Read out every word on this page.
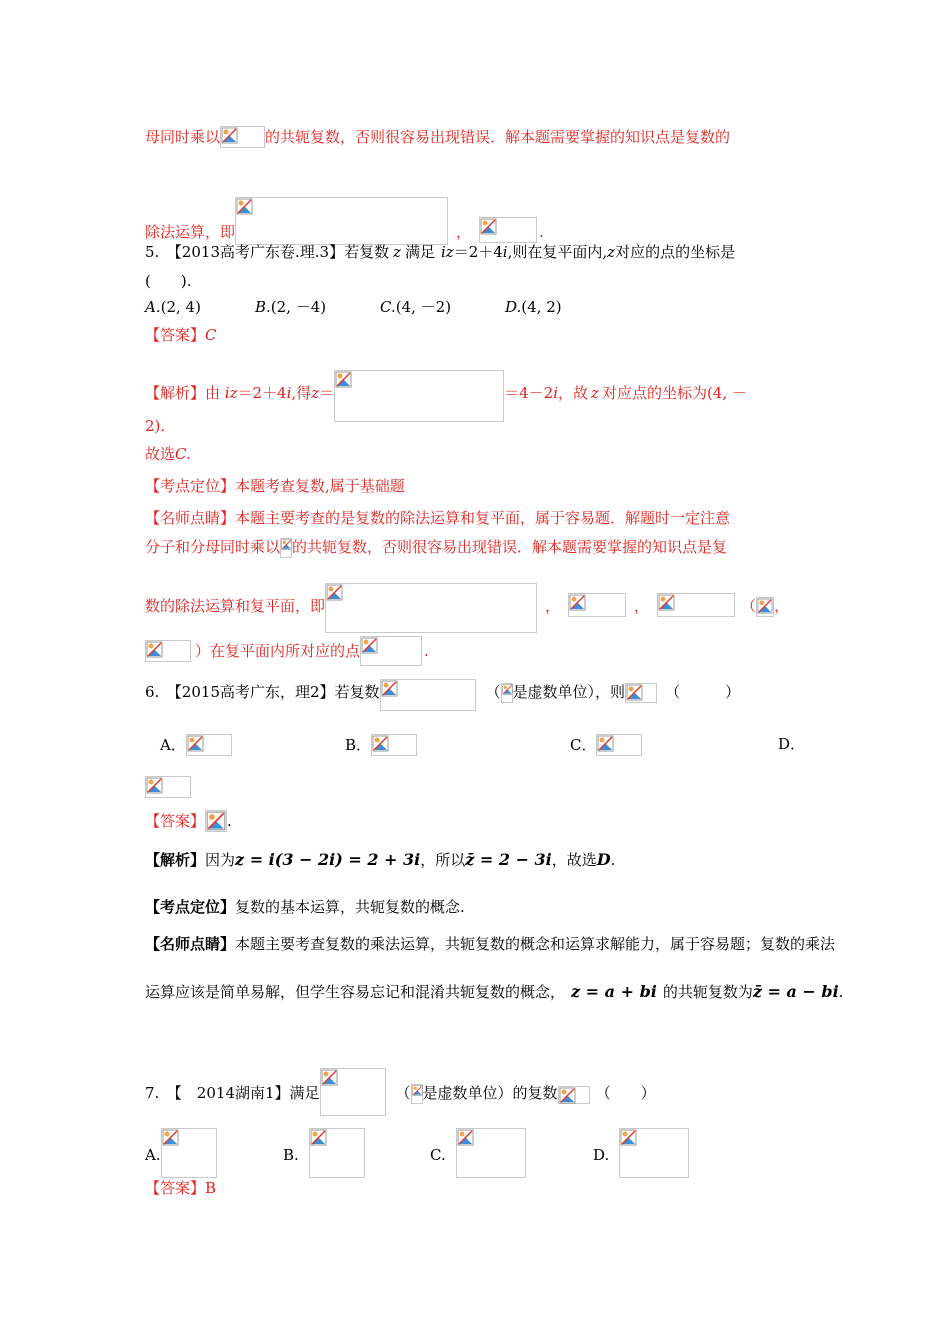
母同时乘以	的共轭复数，否则很容易出现错误．解本题需要掌握的知识点是复数的
除法运算，即	，	.
5.　【2013高考广东卷.理.3】若复数 z 满足 iz＝2＋4i,则在复平面内,z对应的点的坐标是
(　　).
A.(2, 4)	B.(2, －4)	C.(4, －2)	D.(4, 2)
【答案】C
【解析】由 iz＝2＋4i,得z＝	＝4－2i，故 z 对应点的坐标为(4, －
2).
故选C.
【考点定位】本题考查复数,属于基础题
【名师点睛】本题主要考查的是复数的除法运算和复平面，属于容易题．解题时一定注意
分子和分母同时乘以 的共轭复数，否则很容易出现错误．解本题需要掌握的知识点是复
数的除法运算和复平面，即	，	，	（ ，
）在复平面内所对应的点	.
6.　【2015高考广东，理2】若复数	（ 是虚数单位），则	（　　　）
A．	B．	C．	D．
【答案】 .
【解析】因为z = i(3 − 2i) = 2 + 3i，所以z̄ = 2 − 3i，故选D.
【考点定位】复数的基本运算，共轭复数的概念.
【名师点睛】本题主要考查复数的乘法运算，共轭复数的概念和运算求解能力，属于容易题；复数的乘法
运算应该是简单易解，但学生容易忘记和混淆共轭复数的概念， z = a + bi 的共轭复数为z̄ = a − bi.
7.　【　2014湖南1】满足	（ 是虚数单位）的复数	（　　）
A.	B.	C.	D.
【答案】B
